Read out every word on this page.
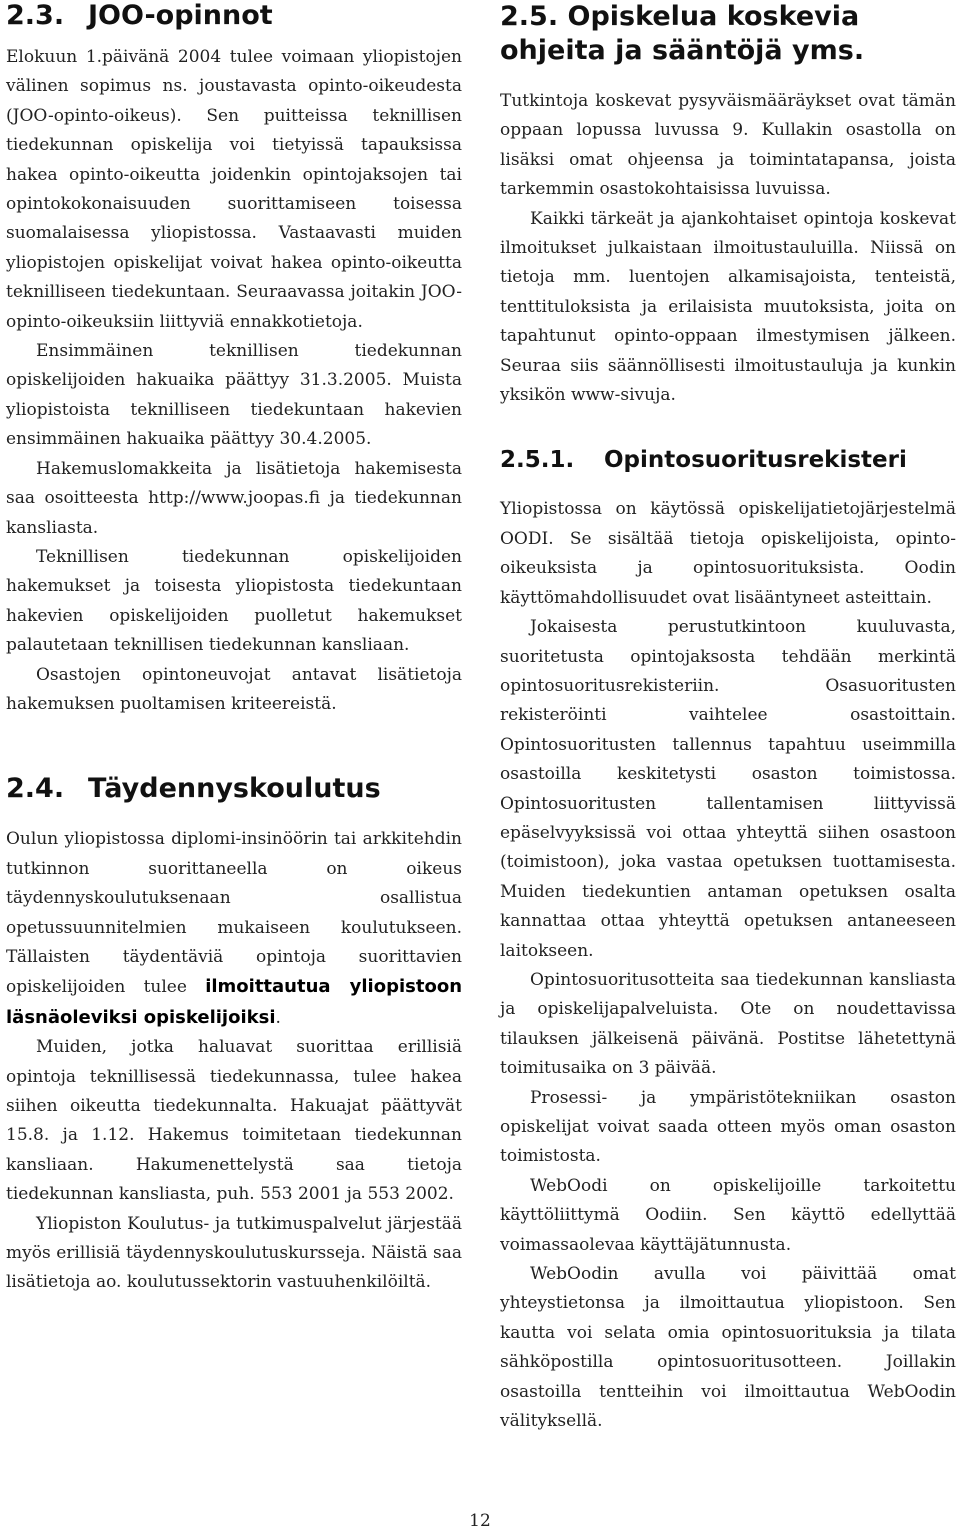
2.3. JOO-opinnot

Elokuun 1.päivänä 2004 tulee voimaan yliopistojen välinen sopimus ns. joustavasta opinto-oikeudesta (JOO-opinto-oikeus). Sen puitteissa teknillisen tiedekunnan opiskelija voi tietyissä tapauksissa hakea opinto-oikeutta joidenkin opintojaksojen tai opintokokonaisuuden suorittamiseen toisessa suomalaisessa yliopistossa. Vastaavasti muiden yliopistojen opiskelijat voivat hakea opinto-oikeutta teknilliseen tiedekuntaan. Seuraavassa joitakin JOO-opinto-oikeuksiin liittyviä ennakkotietoja.

Ensimmäinen teknillisen tiedekunnan opiskelijoiden hakuaika päättyy 31.3.2005. Muista yliopistoista teknilliseen tiedekuntaan hakevien ensimmäinen hakuaika päättyy 30.4.2005.

Hakemuslomakkeita ja lisätietoja hakemisesta saa osoitteesta http://www.joopas.fi ja tiedekunnan kansliasta.

Teknillisen tiedekunnan opiskelijoiden hakemukset ja toisesta yliopistosta tiedekuntaan hakevien opiskelijoiden puolletut hakemukset palautetaan teknillisen tiedekunnan kansliaan.

Osastojen opintoneuvojat antavat lisätietoja hakemuksen puoltamisen kriteereistä.

2.4. Täydennyskoulutus

Oulun yliopistossa diplomi-insinöörin tai arkkitehdin tutkinnon suorittaneella on oikeus täydennyskoulutuksenaan osallistua opetussuunnitelmien mukaiseen koulutukseen. Tällaisten täydentäviä opintoja suorittavien opiskelijoiden tulee ilmoittautua yliopistoon läsnäoleviksi opiskelijoiksi.

Muiden, jotka haluavat suorittaa erillisiä opintoja teknillisessä tiedekunnassa, tulee hakea siihen oikeutta tiedekunnalta. Hakuajat päättyvät 15.8. ja 1.12. Hakemus toimitetaan tiedekunnan kansliaan. Hakumenettelystä saa tietoja tiedekunnan kansliasta, puh. 553 2001 ja 553 2002.

Yliopiston Koulutus- ja tutkimuspalvelut järjestää myös erillisiä täydennyskoulutuskursseja. Näistä saa lisätietoja ao. koulutussektorin vastuuhenkilöiltä.

2.5. Opiskelua koskevia ohjeita ja sääntöjä yms.

Tutkintoja koskevat pysyväismääräykset ovat tämän oppaan lopussa luvussa 9. Kullakin osastolla on lisäksi omat ohjeensa ja toimintatapansa, joista tarkemmin osastokohtaisissa luvuissa.

Kaikki tärkeät ja ajankohtaiset opintoja koskevat ilmoitukset julkaistaan ilmoitustauluilla. Niissä on tietoja mm. luentojen alkamisajoista, tenteistä, tenttituloksista ja erilaisista muutoksista, joita on tapahtunut opinto-oppaan ilmestymisen jälkeen. Seuraa siis säännöllisesti ilmoitustauluja ja kunkin yksikön www-sivuja.

2.5.1.	Opintosuoritusrekisteri

Yliopistossa on käytössä opiskelijatietojärjestelmä OODI. Se sisältää tietoja opiskelijoista, opinto-oikeuksista ja opintosuorituksista. Oodin käyttömahdollisuudet ovat lisääntyneet asteittain.

Jokaisesta perustutkintoon kuuluvasta, suoritetusta opintojaksosta tehdään merkintä opintosuoritusrekisteriin. Osasuoritusten rekisteröinti vaihtelee osastoittain. Opintosuoritusten tallennus tapahtuu useimmilla osastoilla keskitetysti osaston toimistossa. Opintosuoritusten tallentamisen liittyvissä epäselvyyksissä voi ottaa yhteyttä siihen osastoon (toimistoon), joka vastaa opetuksen tuottamisesta. Muiden tiedekuntien antaman opetuksen osalta kannattaa ottaa yhteyttä opetuksen antaneeseen laitokseen.

Opintosuoritusotteita saa tiedekunnan kansliasta ja opiskelijapalveluista. Ote on noudettavissa tilauksen jälkeisenä päivänä. Postitse lähetettynä toimitusaika on 3 päivää.

Prosessi- ja ympäristötekniikan osaston opiskelijat voivat saada otteen myös oman osaston toimistosta.

WebOodi on opiskelijoille tarkoitettu käyttöliittymä Oodiin. Sen käyttö edellyttää voimassaolevaa käyttäjätunnusta.

WebOodin avulla voi päivittää omat yhteystietonsa ja ilmoittautua yliopistoon. Sen kautta voi selata omia opintosuorituksia ja tilata sähköpostilla opintosuoritusotteen. Joillakin osastoilla tentteihin voi ilmoittautua WebOodin välityksellä.

12
